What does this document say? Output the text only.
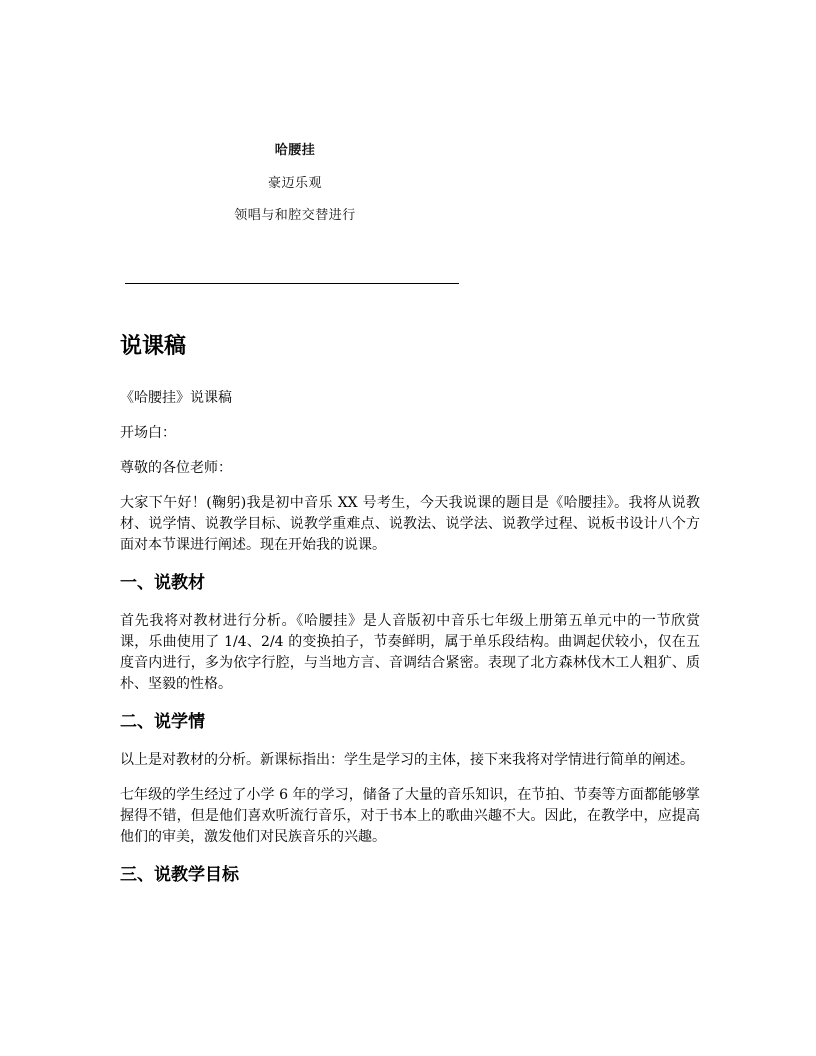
哈腰挂
豪迈乐观
领唱与和腔交替进行
说课稿

《哈腰挂》说课稿

开场白：

尊敬的各位老师：

大家下午好！(鞠躬)我是初中音乐 XX 号考生，今天我说课的题目是《哈腰挂》。我将从说教材、说学情、说教学目标、说教学重难点、说教法、说学法、说教学过程、说板书设计八个方面对本节课进行阐述。现在开始我的说课。

一、说教材

首先我将对教材进行分析。《哈腰挂》是人音版初中音乐七年级上册第五单元中的一节欣赏课，乐曲使用了 1/4、2/4 的变换拍子，节奏鲜明，属于单乐段结构。曲调起伏较小，仅在五度音内进行，多为依字行腔，与当地方言、音调结合紧密。表现了北方森林伐木工人粗犷、质朴、坚毅的性格。

二、说学情

以上是对教材的分析。新课标指出：学生是学习的主体，接下来我将对学情进行简单的阐述。

七年级的学生经过了小学 6 年的学习，储备了大量的音乐知识，在节拍、节奏等方面都能够掌握得不错，但是他们喜欢听流行音乐，对于书本上的歌曲兴趣不大。因此，在教学中，应提高他们的审美，激发他们对民族音乐的兴趣。

三、说教学目标
